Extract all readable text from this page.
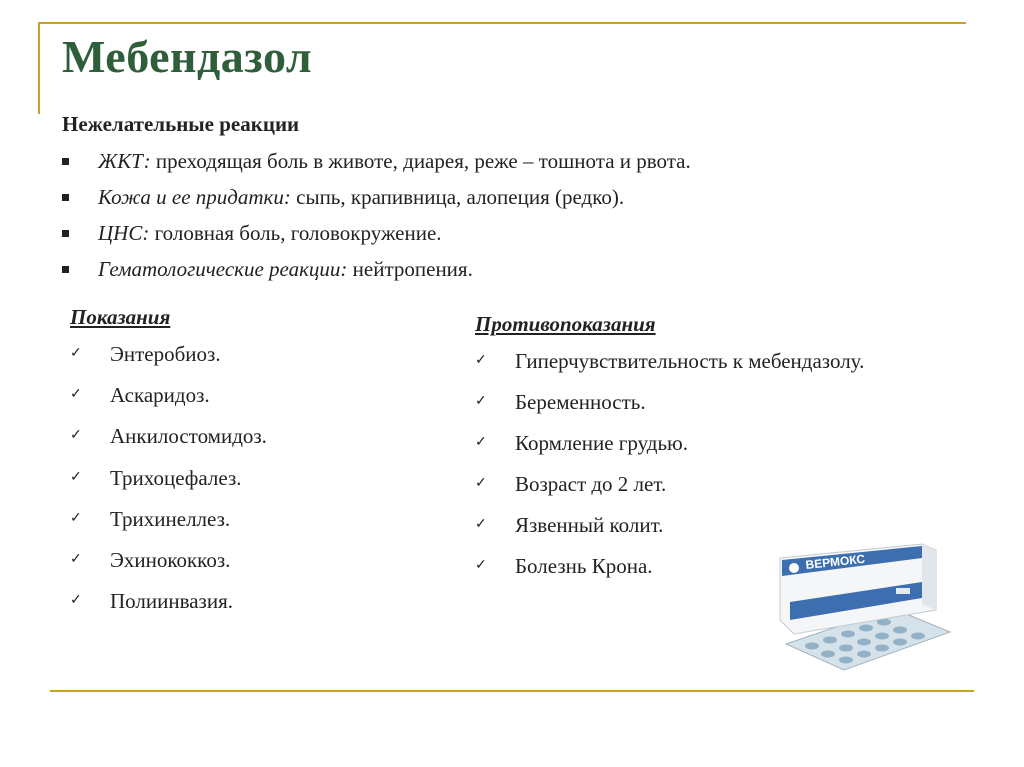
Мебендазол
Нежелательные реакции
ЖКТ: преходящая боль в животе, диарея, реже – тошнота и рвота.
Кожа и ее придатки: сыпь, крапивница, алопеция (редко).
ЦНС: головная боль, головокружение.
Гематологические реакции: нейтропения.
Показания
✓ Энтеробиоз.
✓ Аскаридоз.
✓ Анкилостомидоз.
✓ Трихоцефалез.
✓ Трихинеллез.
✓ Эхинококкоз.
✓ Полиинвазия.
Противопоказания
✓ Гиперчувствительность к мебендазолу.
✓ Беременность.
✓ Кормление грудью.
✓ Возраст до 2 лет.
✓ Язвенный колит.
✓ Болезнь Крона.	ВЕРМОКС
